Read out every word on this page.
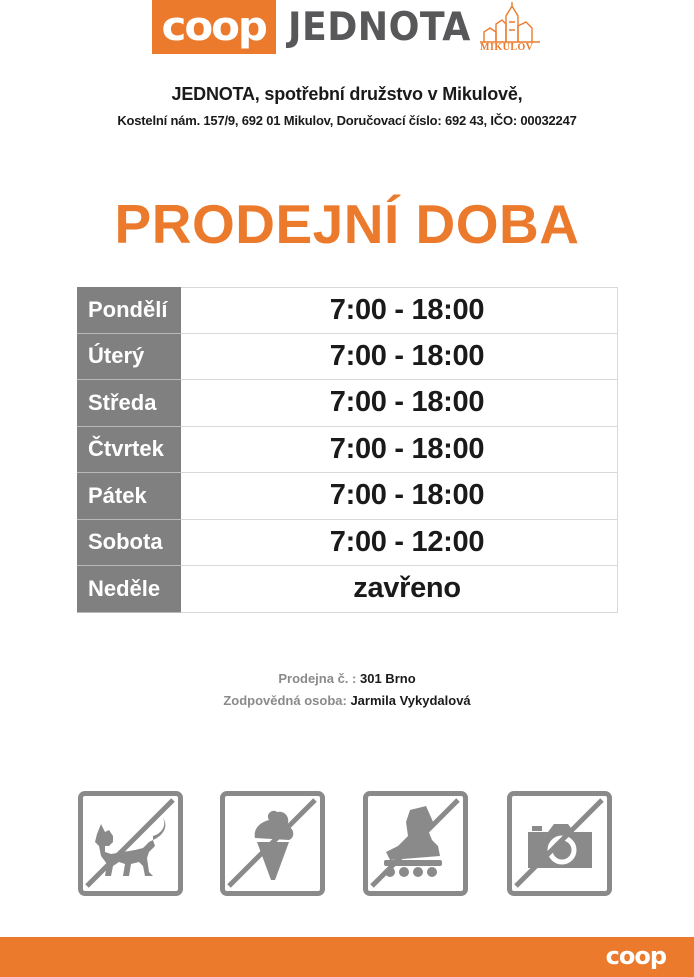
coop JEDNOTA MIKULOV
JEDNOTA, spotřební družstvo v Mikulově,
Kostelní nám. 157/9, 692 01 Mikulov, Doručovací číslo: 692 43, IČO: 00032247
PRODEJNÍ DOBA
Pondělí	7:00 - 18:00
Úterý	7:00 - 18:00
Středa	7:00 - 18:00
Čtvrtek	7:00 - 18:00
Pátek	7:00 - 18:00
Sobota	7:00 - 12:00
Neděle	zavřeno
Prodejna č. : 301 Brno
Zodpovědná osoba: Jarmila Vykydalová
coop
